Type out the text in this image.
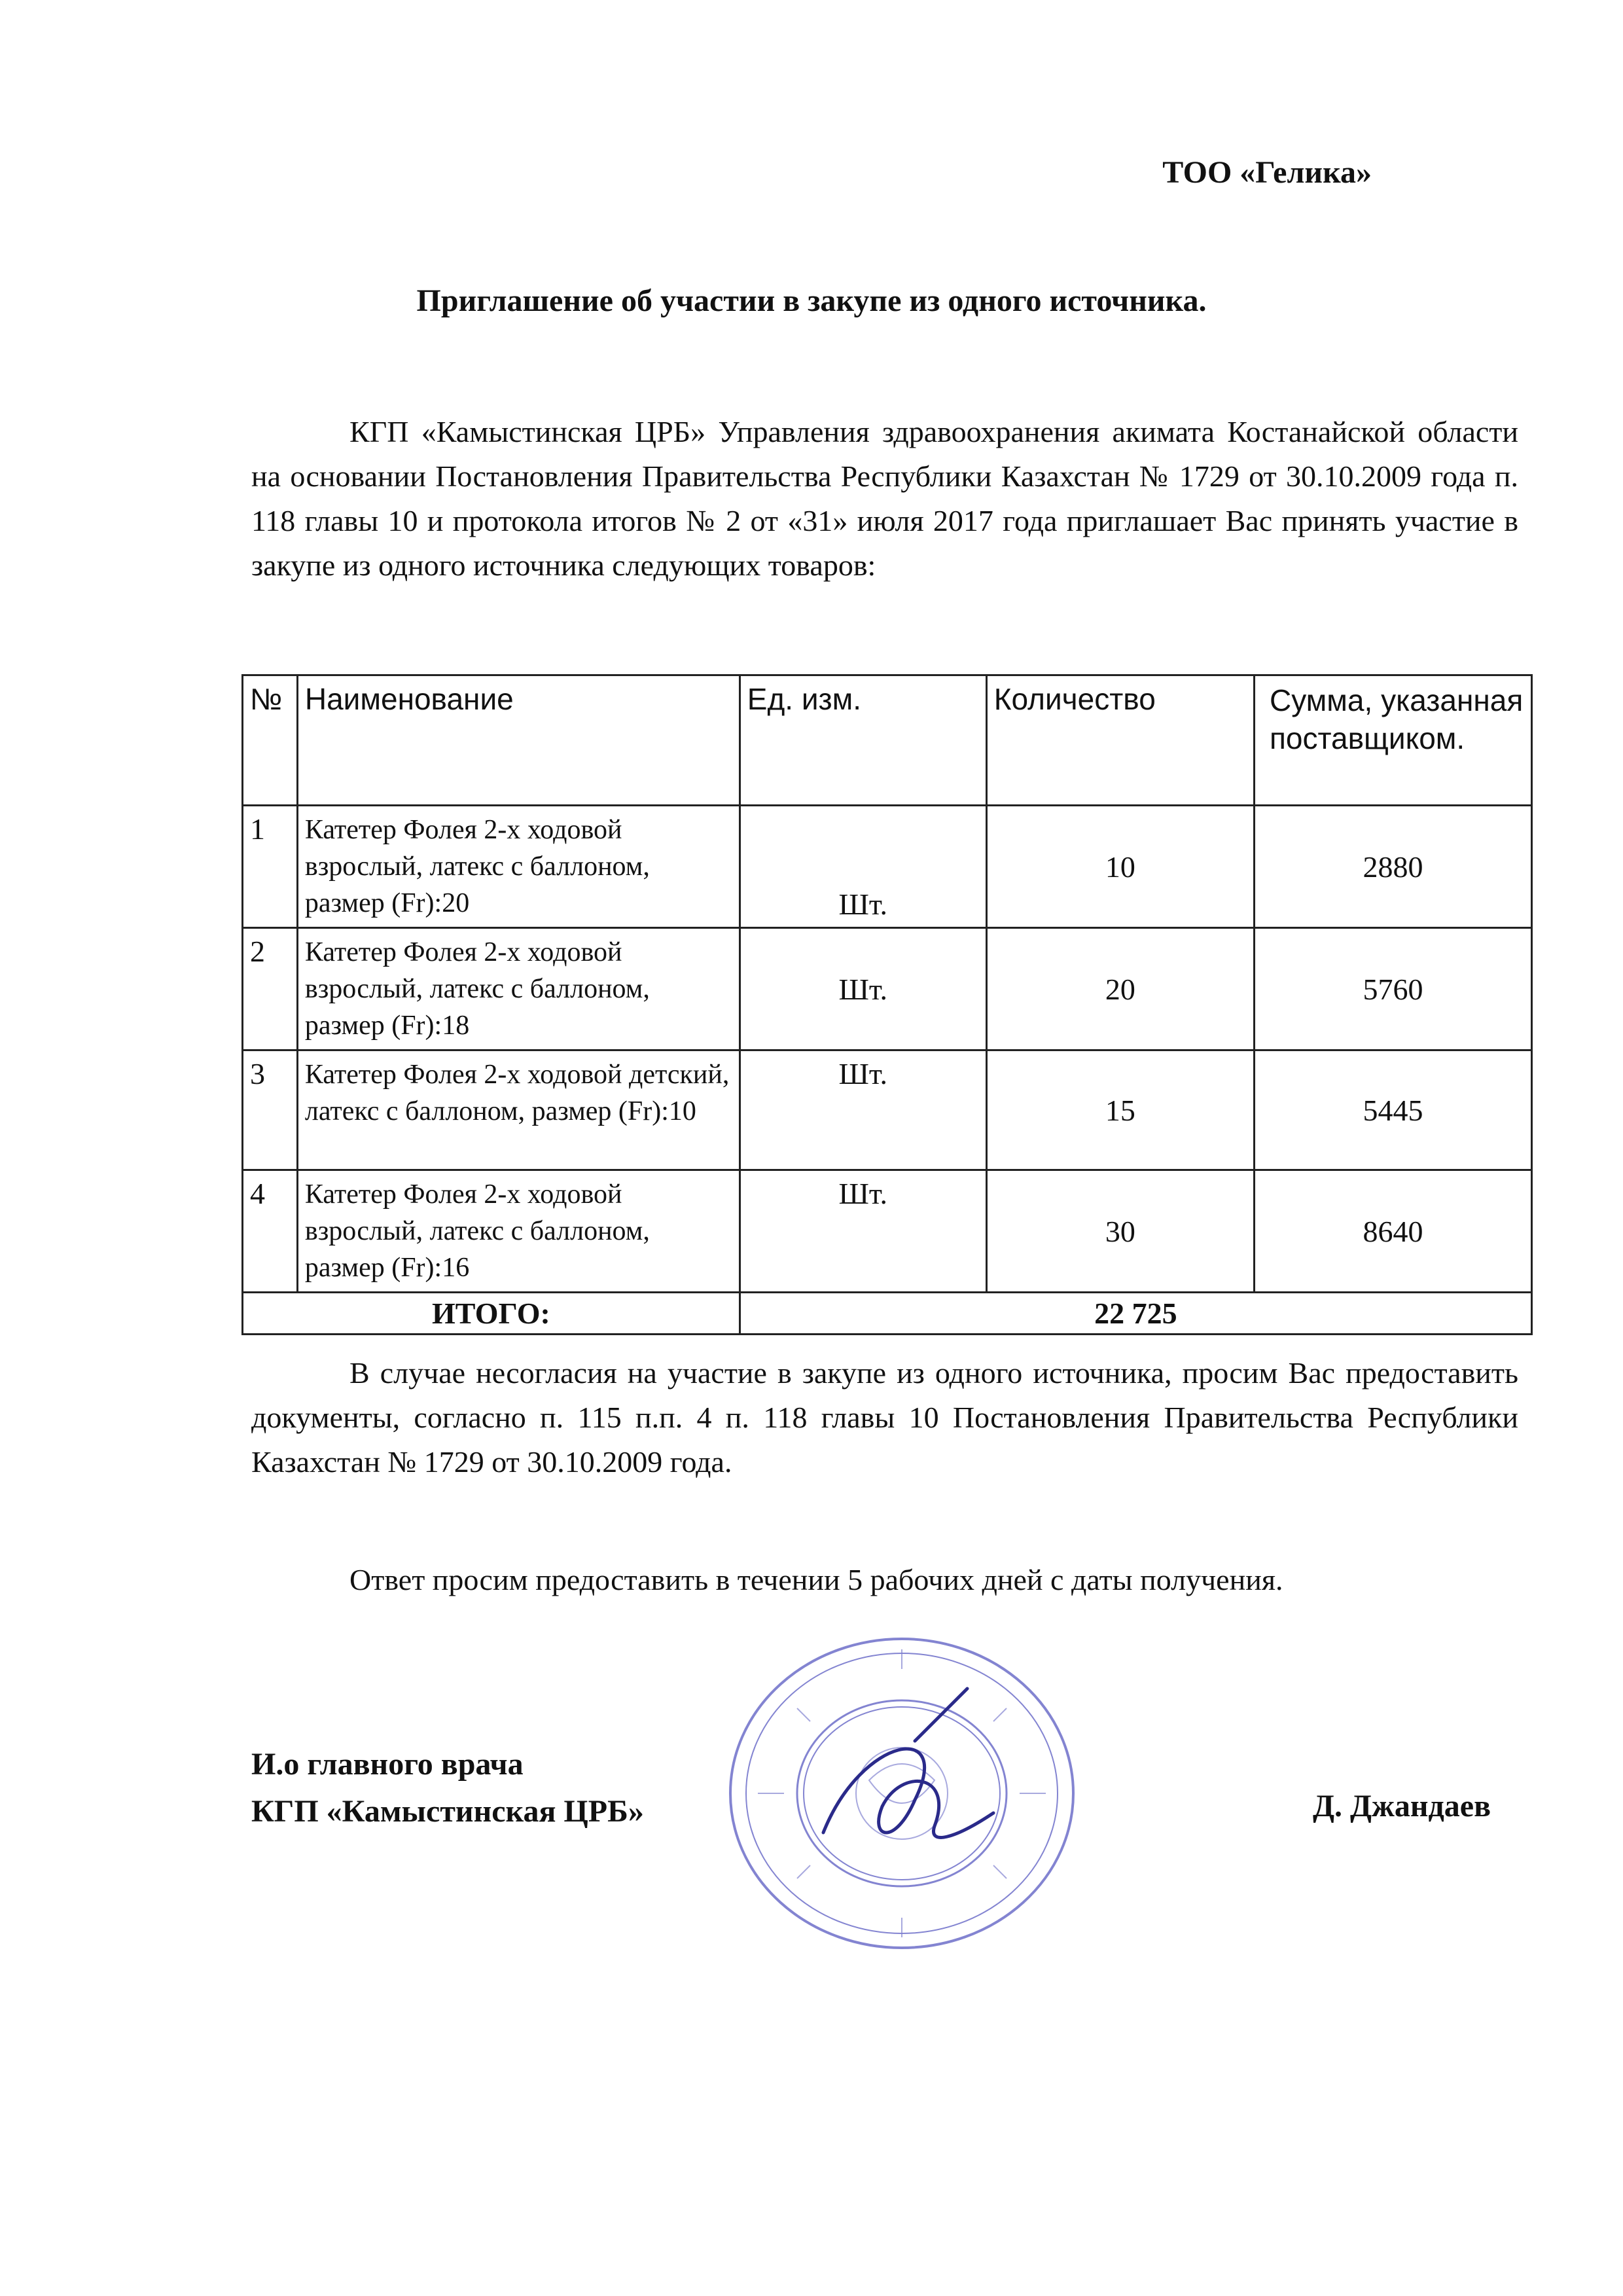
ТОО «Гелика»
Приглашение об участии в закупе из одного источника.

КГП «Камыстинская ЦРБ» Управления здравоохранения акимата Костанайской области на основании Постановления Правительства Республики Казахстан № 1729 от 30.10.2009 года п. 118 главы 10 и протокола итогов № 2 от «31» июля 2017 года приглашает Вас принять участие в закупе из одного источника следующих товаров:

№	Наименование	Ед. изм.	Количество	Сумма, указанная поставщиком.
1	Катетер Фолея 2-х ходовой взрослый, латекс с баллоном, размер (Fr):20	Шт.	10	2880
2	Катетер Фолея 2-х ходовой взрослый, латекс с баллоном, размер (Fr):18	Шт.	20	5760
3	Катетер Фолея 2-х ходовой детский, латекс с баллоном, размер (Fr):10	Шт.	15	5445
4	Катетер Фолея 2-х ходовой взрослый, латекс с баллоном, размер (Fr):16	Шт.	30	8640
ИТОГО:		22 725		

В случае несогласия на участие в закупе из одного источника, просим Вас предоставить документы, согласно п. 115 п.п. 4 п. 118 главы 10 Постановления Правительства Республики Казахстан № 1729 от 30.10.2009 года.

Ответ просим предоставить в течении 5 рабочих дней с даты получения.

И.о главного врача
КГП «Камыстинская ЦРБ»	Д. Джандаев
